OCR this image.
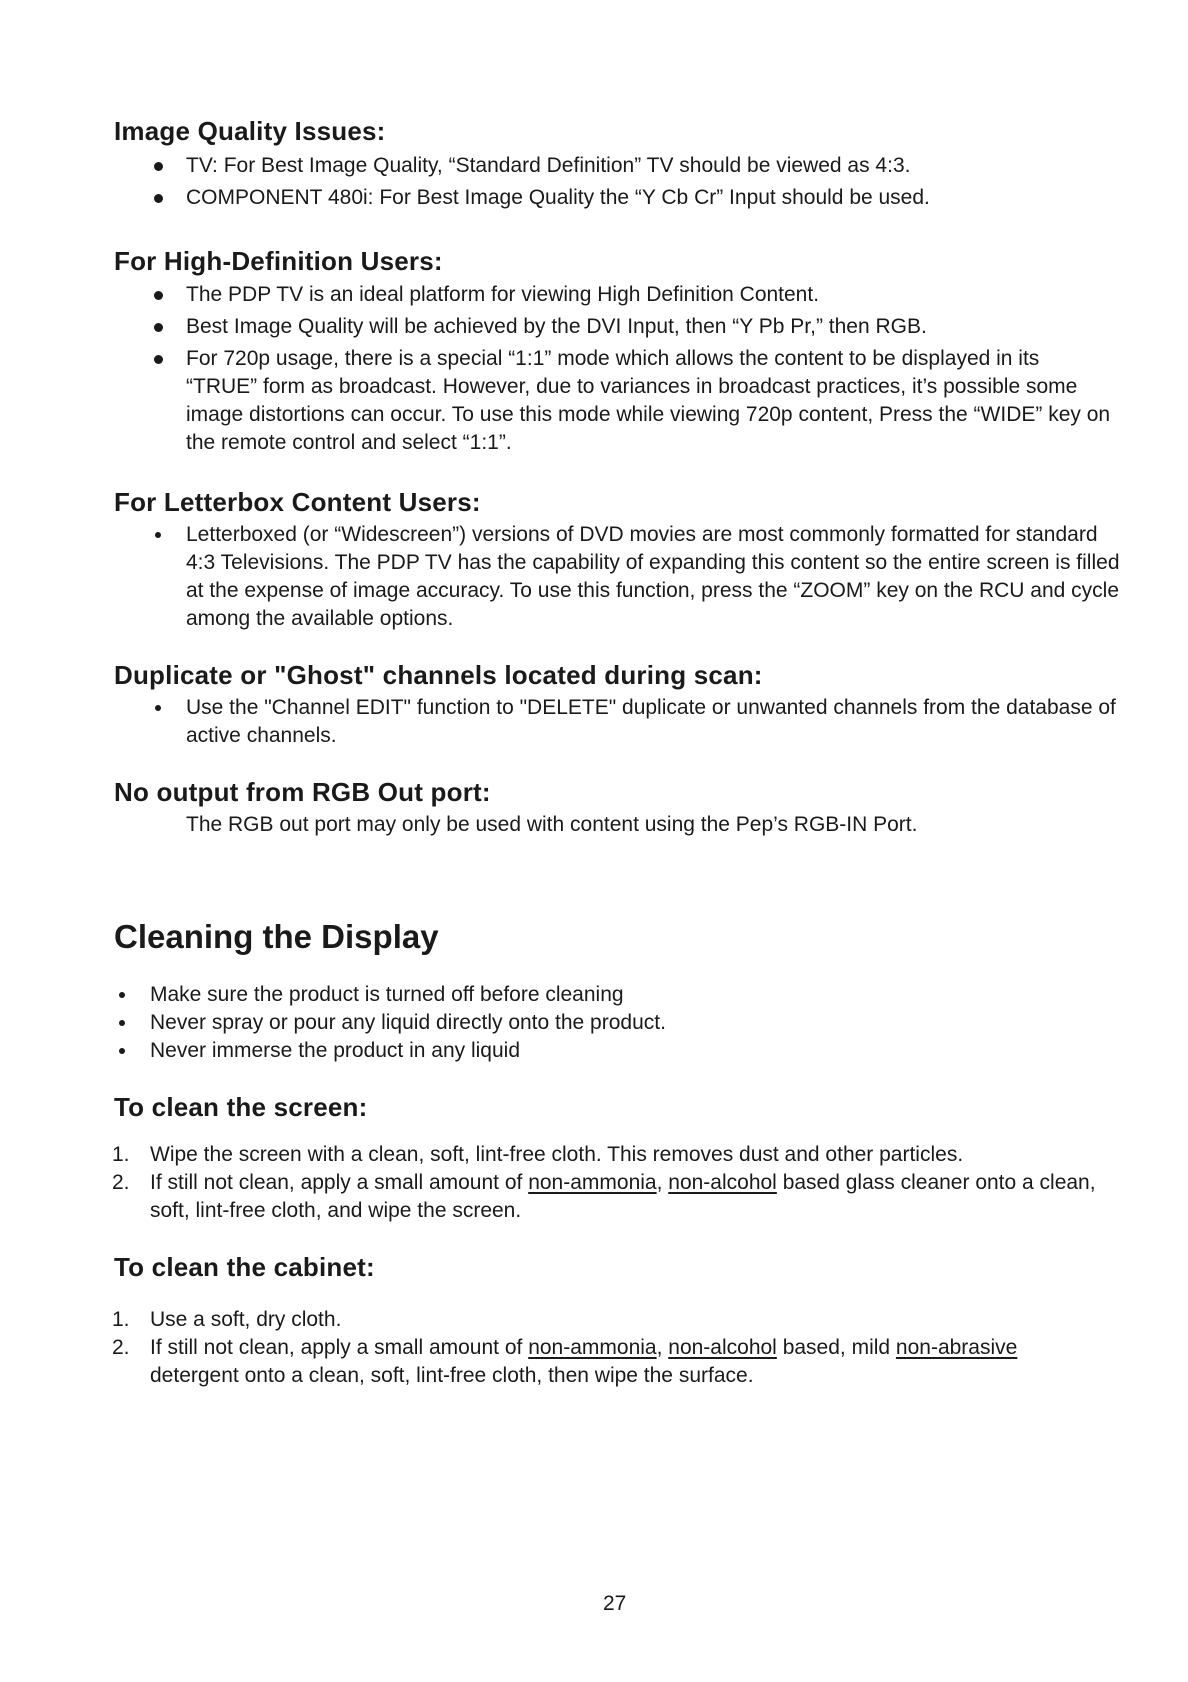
Image Quality Issues:
TV: For Best Image Quality, “Standard Definition” TV should be viewed as 4:3.
COMPONENT 480i: For Best Image Quality the “Y Cb Cr” Input should be used.
For High-Definition Users:
The PDP TV is an ideal platform for viewing High Definition Content.
Best Image Quality will be achieved by the DVI Input, then “Y Pb Pr,” then RGB.
For 720p usage, there is a special “1:1” mode which allows the content to be displayed in its “TRUE” form as broadcast. However, due to variances in broadcast practices, it’s possible some image distortions can occur. To use this mode while viewing 720p content, Press the “WIDE” key on the remote control and select “1:1”.
For Letterbox Content Users:
Letterboxed (or “Widescreen”) versions of DVD movies are most commonly formatted for standard 4:3 Televisions. The PDP TV has the capability of expanding this content so the entire screen is filled at the expense of image accuracy. To use this function, press the “ZOOM” key on the RCU and cycle among the available options.
Duplicate or "Ghost" channels located during scan:
Use the "Channel EDIT" function to "DELETE" duplicate or unwanted channels from the database of active channels.
No output from RGB Out port:
The RGB out port may only be used with content using the Pep’s RGB-IN Port.
Cleaning the Display
Make sure the product is turned off before cleaning
Never spray or pour any liquid directly onto the product.
Never immerse the product in any liquid
To clean the screen:
1. Wipe the screen with a clean, soft, lint-free cloth. This removes dust and other particles.
2. If still not clean, apply a small amount of non-ammonia, non-alcohol based glass cleaner onto a clean, soft, lint-free cloth, and wipe the screen.
To clean the cabinet:
1. Use a soft, dry cloth.
2. If still not clean, apply a small amount of non-ammonia, non-alcohol based, mild non-abrasive detergent onto a clean, soft, lint-free cloth, then wipe the surface.
27
